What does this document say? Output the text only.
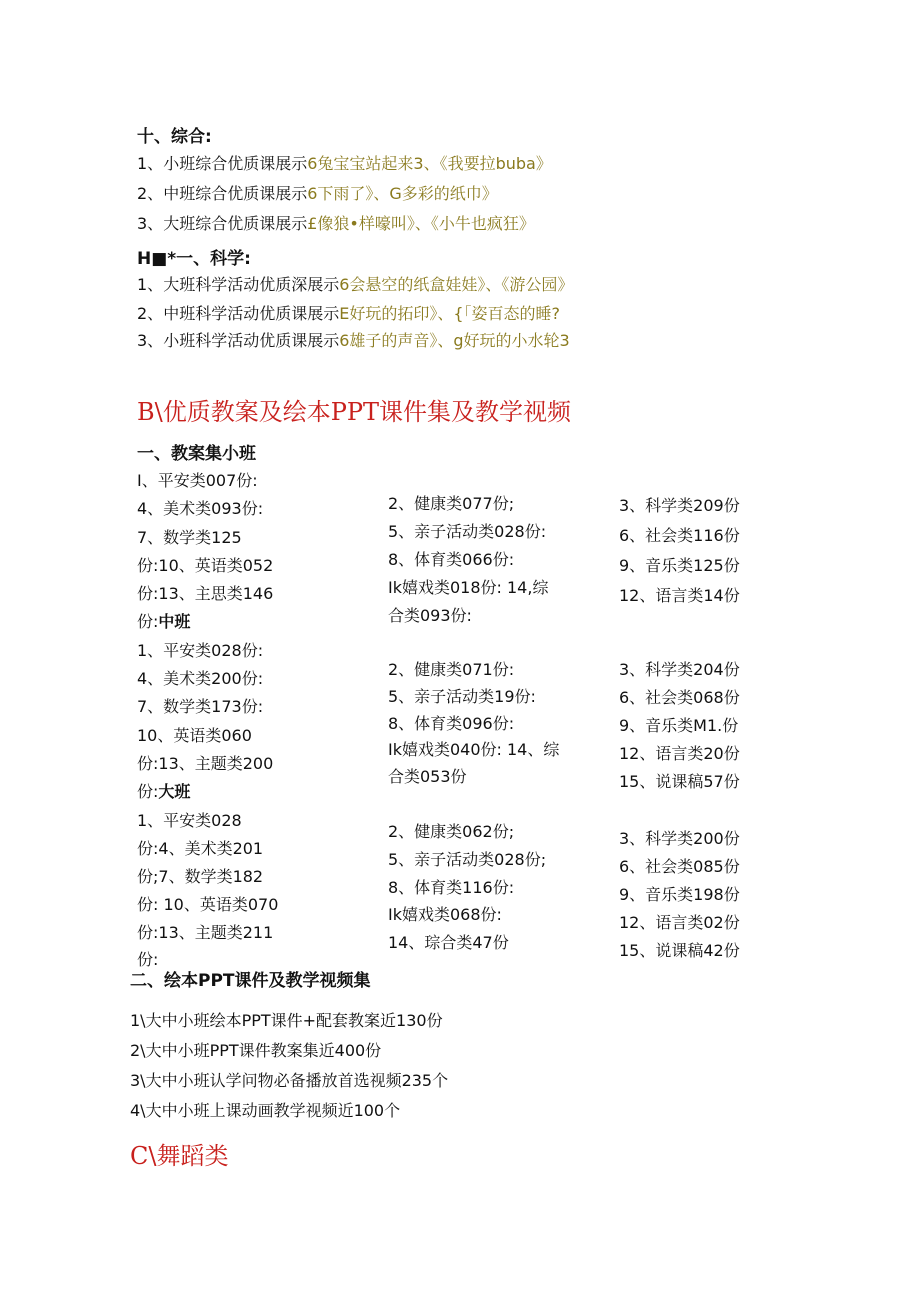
十、综合:
1、小班综合优质课展示6兔宝宝站起来3、《我要拉buba》
2、中班综合优质课展示6下雨了》、G多彩的纸巾》
3、大班综合优质课展示£像狼•样嚎叫》、《小牛也疯狂》
H■*一、科学:
1、大班科学活动优质深展示6会悬空的纸盒娃娃》、《游公园》
2、中班科学活动优质课展示E好玩的拓印》、{「姿百态的睡?
3、小班科学活动优质课展示6雄子的声音》、g好玩的小水轮3
B\优质教案及绘本PPT课件集及教学视频
一、教案集小班
I、平安类007份:
4、美术类093份:
7、数学类125
份:10、英语类052
份:13、主思类146
2、健康类077份;
5、亲子活动类028份:
8、体育类066份:
Ik嬉戏类018份: 14,综
合类093份:
3、科学类209份
6、社会类116份
9、音乐类125份
12、语言类14份
份:中班
1、平安类028份:
4、美术类200份:
7、数学类173份:
10、英语类060
份:13、主题类200
2、健康类071份:
5、亲子活动类19份:
8、体育类096份:
Ik嬉戏类040份: 14、综
合类053份
3、科学类204份
6、社会类068份
9、音乐类M1.份
12、语言类20份
15、说课稿57份
份:大班
1、平安类028
份:4、美术类201
份;7、数学类182
份: 10、英语类070
份:13、主题类211
份:
2、健康类062份;
5、亲子活动类028份;
8、体育类116份:
Ik嬉戏类068份:
14、琮合类47份
3、科学类200份
6、社会类085份
9、音乐类198份
12、语言类02份
15、说课稿42份
二、绘本PPT课件及教学视频集
1\大中小班绘本PPT课件+配套教案近130份
2\大中小班PPT课件教案集近400份
3\大中小班认学问物必备播放首选视频235个
4\大中小班上课动画教学视频近100个
C\舞蹈类
